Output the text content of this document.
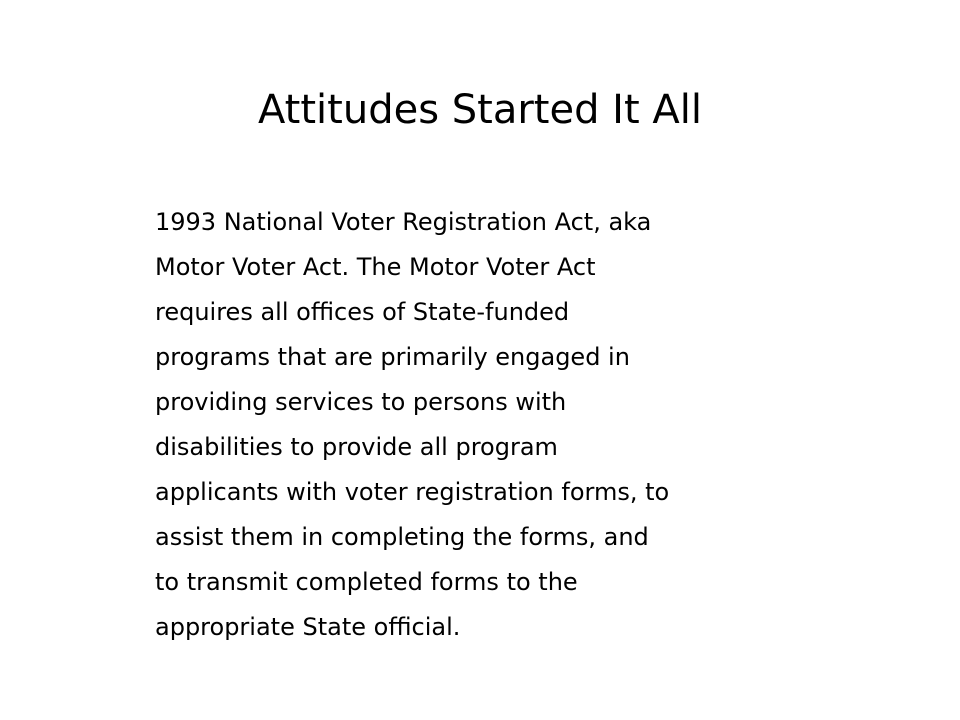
Attitudes Started It All

1993 National Voter Registration Act, aka
Motor Voter Act. The Motor Voter Act
requires all offices of State-funded
programs that are primarily engaged in
providing services to persons with
disabilities to provide all program
applicants with voter registration forms, to
assist them in completing the forms, and
to transmit completed forms to the
appropriate State official.
